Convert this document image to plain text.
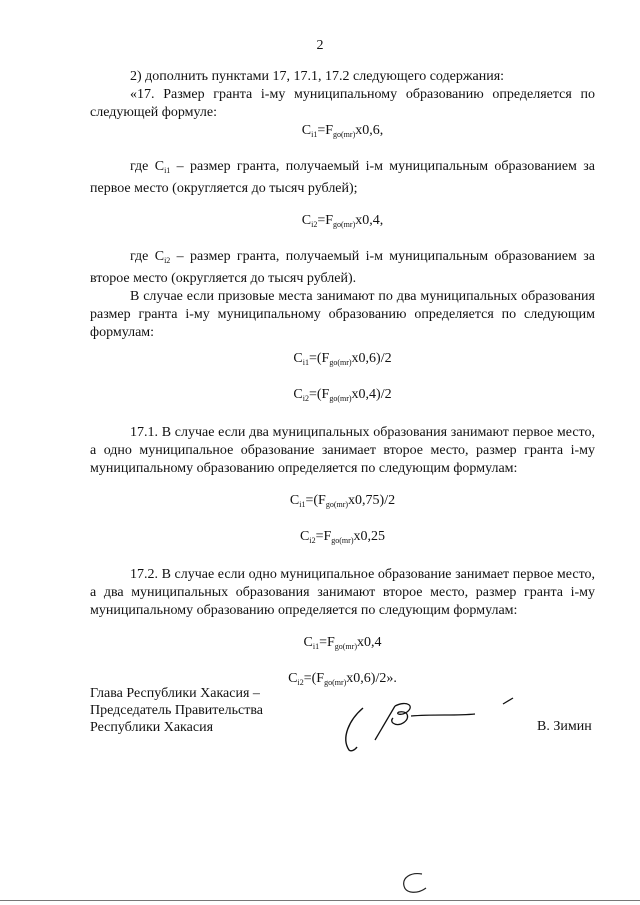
2

2) дополнить пунктами 17, 17.1, 17.2 следующего содержания:

«17. Размер гранта i-му муниципальному образованию определяется по следующей формуле:

$C_{i1}=F_{go(mr)}x0,6$,

где $C_{i1}$ – размер гранта, получаемый i-м муниципальным образованием за первое место (округляется до тысяч рублей);

$C_{i2}=F_{go(mr)}x0,4$,

где $C_{i2}$ – размер гранта, получаемый i-м муниципальным образованием за второе место (округляется до тысяч рублей).

В случае если призовые места занимают по два муниципальных образования размер гранта i-му муниципальному образованию определяется по следующим формулам:

$C_{i1}=(F_{go(mr)}x0,6)/2$

$C_{i2}=(F_{go(mr)}x0,4)/2$

17.1. В случае если два муниципальных образования занимают первое место, а одно муниципальное образование занимает второе место, размер гранта i-му муниципальному образованию определяется по следующим формулам:

$C_{i1}=(F_{go(mr)}x0,75)/2$

$C_{i2}=F_{go(mr)}x0,25$

17.2. В случае если одно муниципальное образование занимает первое место, а два муниципальных образования занимают второе место, размер гранта i-му муниципальному образованию определяется по следующим формулам:

$C_{i1}=F_{go(mr)}x0,4$

$C_{i2}=(F_{go(mr)}x0,6)/2$».

Глава Республики Хакасия –
Председатель Правительства
Республики Хакасия	В. Зимин
